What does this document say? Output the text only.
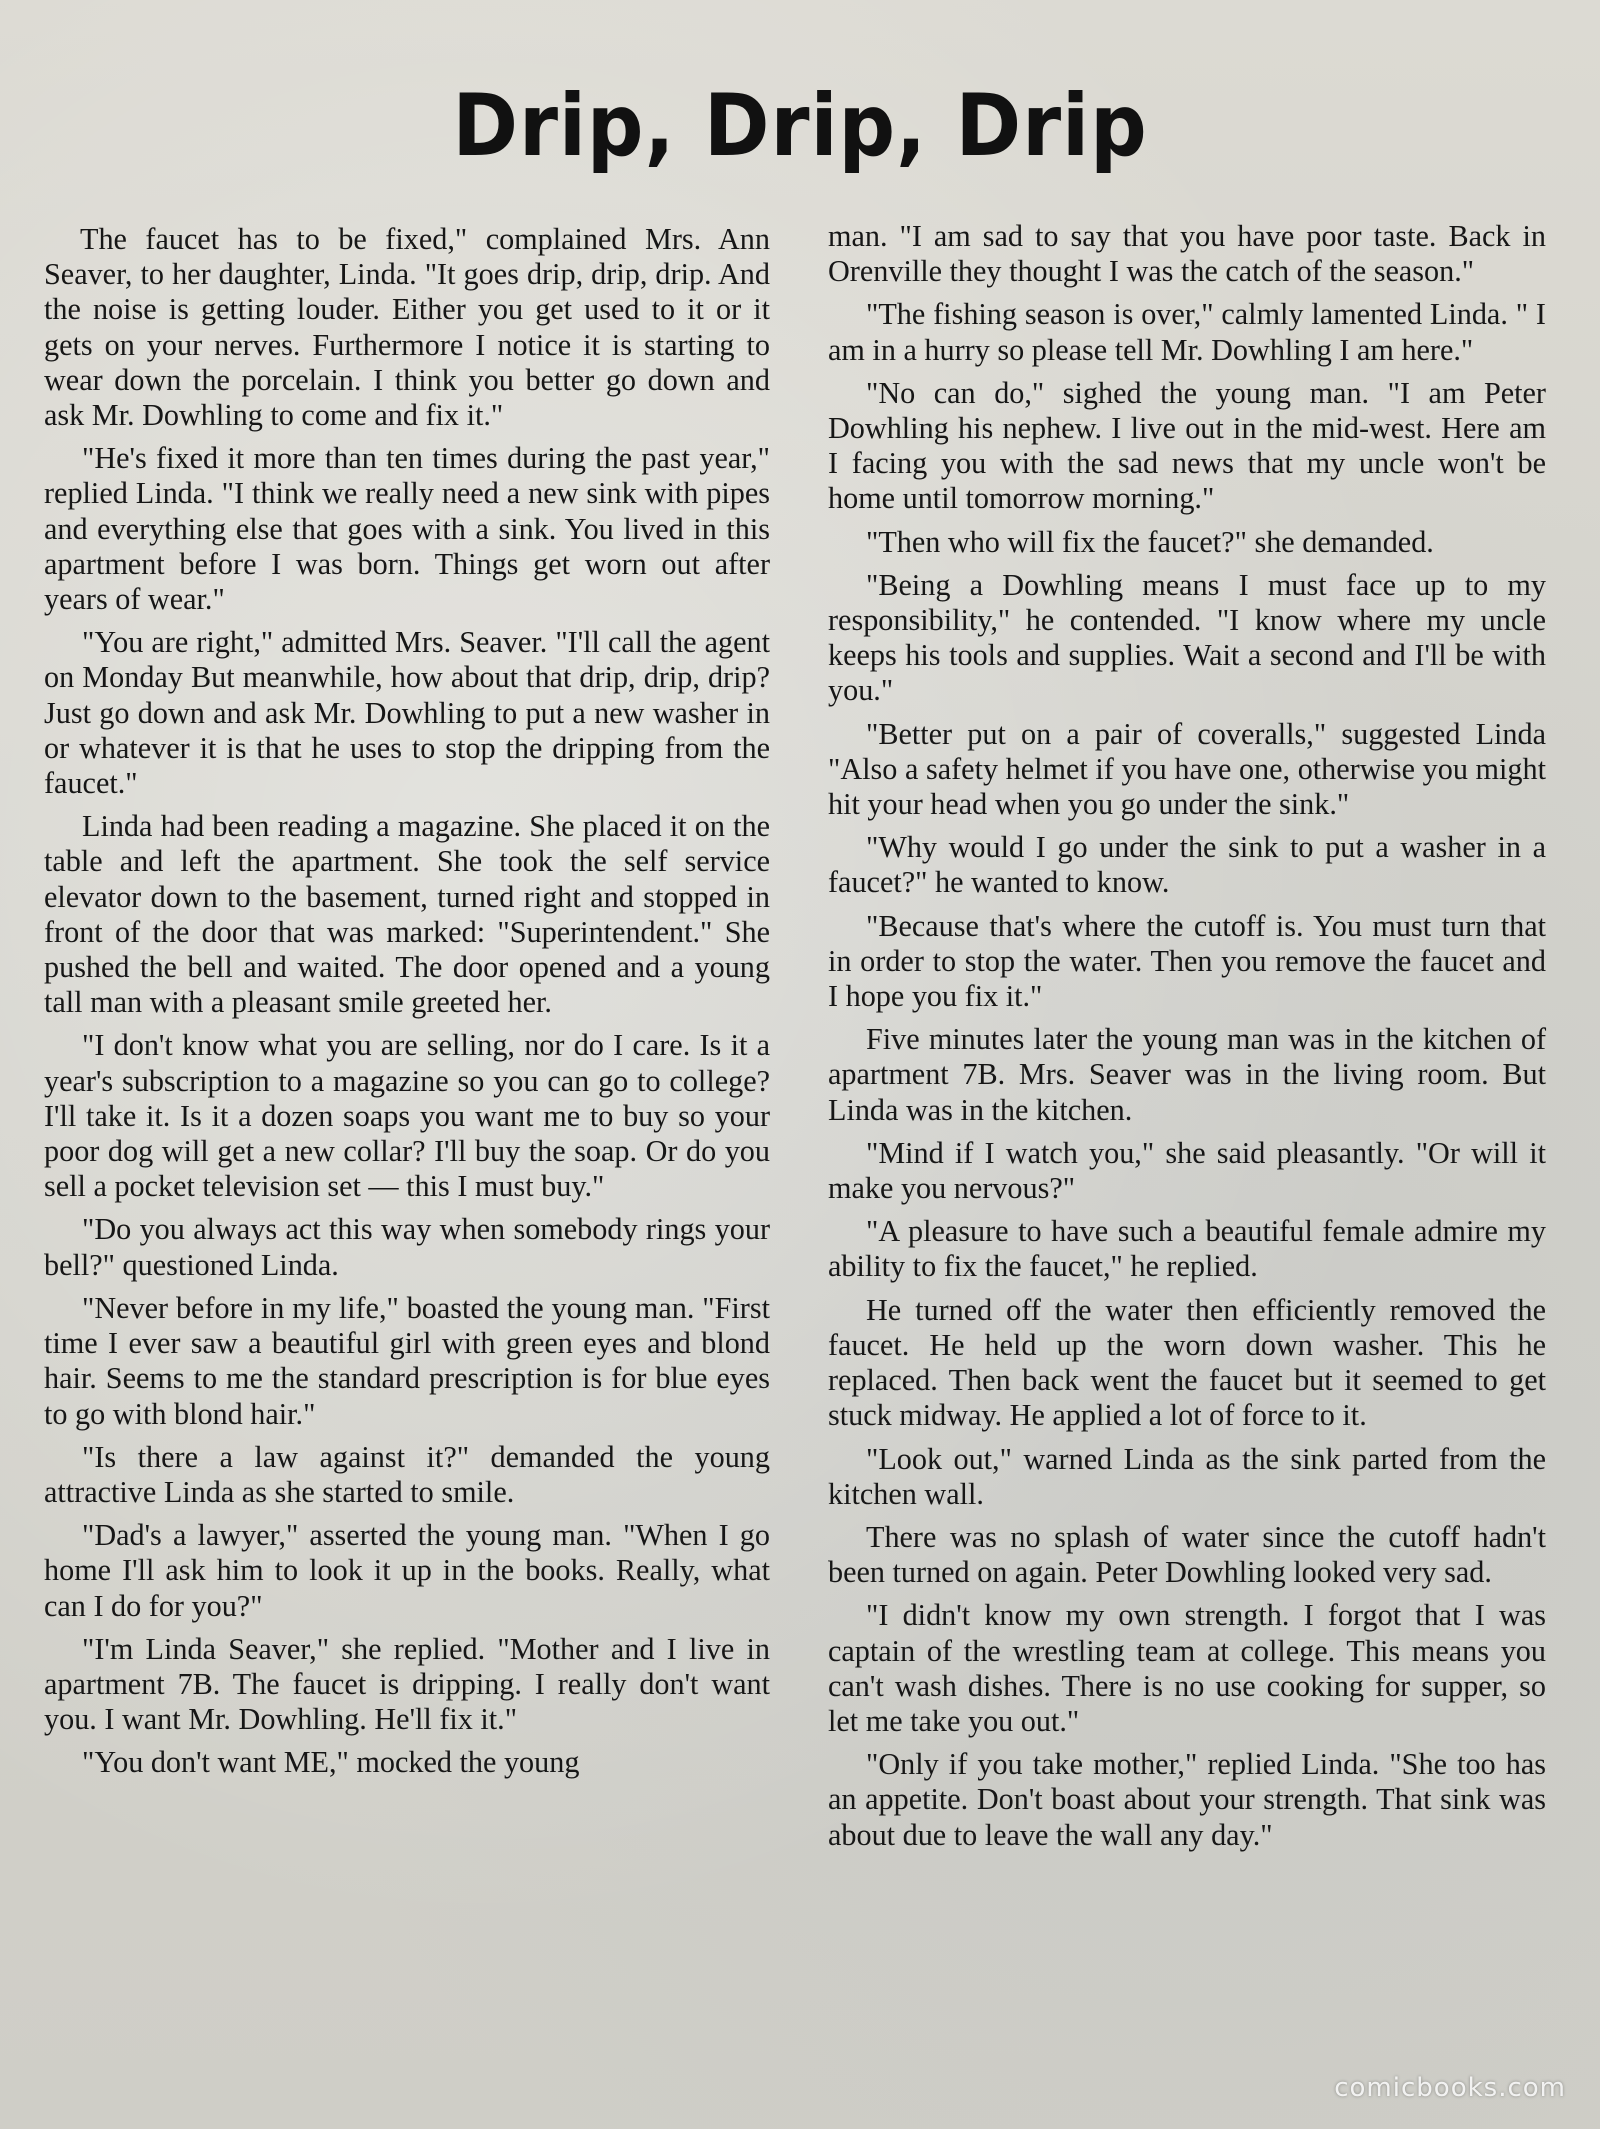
Drip, Drip, Drip

The faucet has to be fixed," complained Mrs. Ann Seaver, to her daughter, Linda. "It goes drip, drip, drip. And the noise is getting louder. Either you get used to it or it gets on your nerves. Furthermore I notice it is starting to wear down the porcelain. I think you better go down and ask Mr. Dowhling to come and fix it."

"He's fixed it more than ten times during the past year," replied Linda. "I think we really need a new sink with pipes and everything else that goes with a sink. You lived in this apartment before I was born. Things get worn out after years of wear."

"You are right," admitted Mrs. Seaver. "I'll call the agent on Monday But meanwhile, how about that drip, drip, drip? Just go down and ask Mr. Dowhling to put a new washer in or whatever it is that he uses to stop the dripping from the faucet."

Linda had been reading a magazine. She placed it on the table and left the apartment. She took the self service elevator down to the basement, turned right and stopped in front of the door that was marked: "Superintendent." She pushed the bell and waited. The door opened and a young tall man with a pleasant smile greeted her.

"I don't know what you are selling, nor do I care. Is it a year's subscription to a magazine so you can go to college? I'll take it. Is it a dozen soaps you want me to buy so your poor dog will get a new collar? I'll buy the soap. Or do you sell a pocket television set — this I must buy."

"Do you always act this way when somebody rings your bell?" questioned Linda.

"Never before in my life," boasted the young man. "First time I ever saw a beautiful girl with green eyes and blond hair. Seems to me the standard prescription is for blue eyes to go with blond hair."

"Is there a law against it?" demanded the young attractive Linda as she started to smile.

"Dad's a lawyer," asserted the young man. "When I go home I'll ask him to look it up in the books. Really, what can I do for you?"

"I'm Linda Seaver," she replied. "Mother and I live in apartment 7B. The faucet is dripping. I really don't want you. I want Mr. Dowhling. He'll fix it."

"You don't want ME," mocked the young

man. "I am sad to say that you have poor taste. Back in Orenville they thought I was the catch of the season."

"The fishing season is over," calmly lamented Linda. " I am in a hurry so please tell Mr. Dowhling I am here."

"No can do," sighed the young man. "I am Peter Dowhling his nephew. I live out in the mid-west. Here am I facing you with the sad news that my uncle won't be home until tomorrow morning."

"Then who will fix the faucet?" she demanded.

"Being a Dowhling means I must face up to my responsibility," he contended. "I know where my uncle keeps his tools and supplies. Wait a second and I'll be with you."

"Better put on a pair of coveralls," suggested Linda "Also a safety helmet if you have one, otherwise you might hit your head when you go under the sink."

"Why would I go under the sink to put a washer in a faucet?" he wanted to know.

"Because that's where the cutoff is. You must turn that in order to stop the water. Then you remove the faucet and I hope you fix it."

Five minutes later the young man was in the kitchen of apartment 7B. Mrs. Seaver was in the living room. But Linda was in the kitchen.

"Mind if I watch you," she said pleasantly. "Or will it make you nervous?"

"A pleasure to have such a beautiful female admire my ability to fix the faucet," he replied.

He turned off the water then efficiently removed the faucet. He held up the worn down washer. This he replaced. Then back went the faucet but it seemed to get stuck midway. He applied a lot of force to it.

"Look out," warned Linda as the sink parted from the kitchen wall.

There was no splash of water since the cutoff hadn't been turned on again. Peter Dowhling looked very sad.

"I didn't know my own strength. I forgot that I was captain of the wrestling team at college. This means you can't wash dishes. There is no use cooking for supper, so let me take you out."

"Only if you take mother," replied Linda. "She too has an appetite. Don't boast about your strength. That sink was about due to leave the wall any day."

comicbooks.com
